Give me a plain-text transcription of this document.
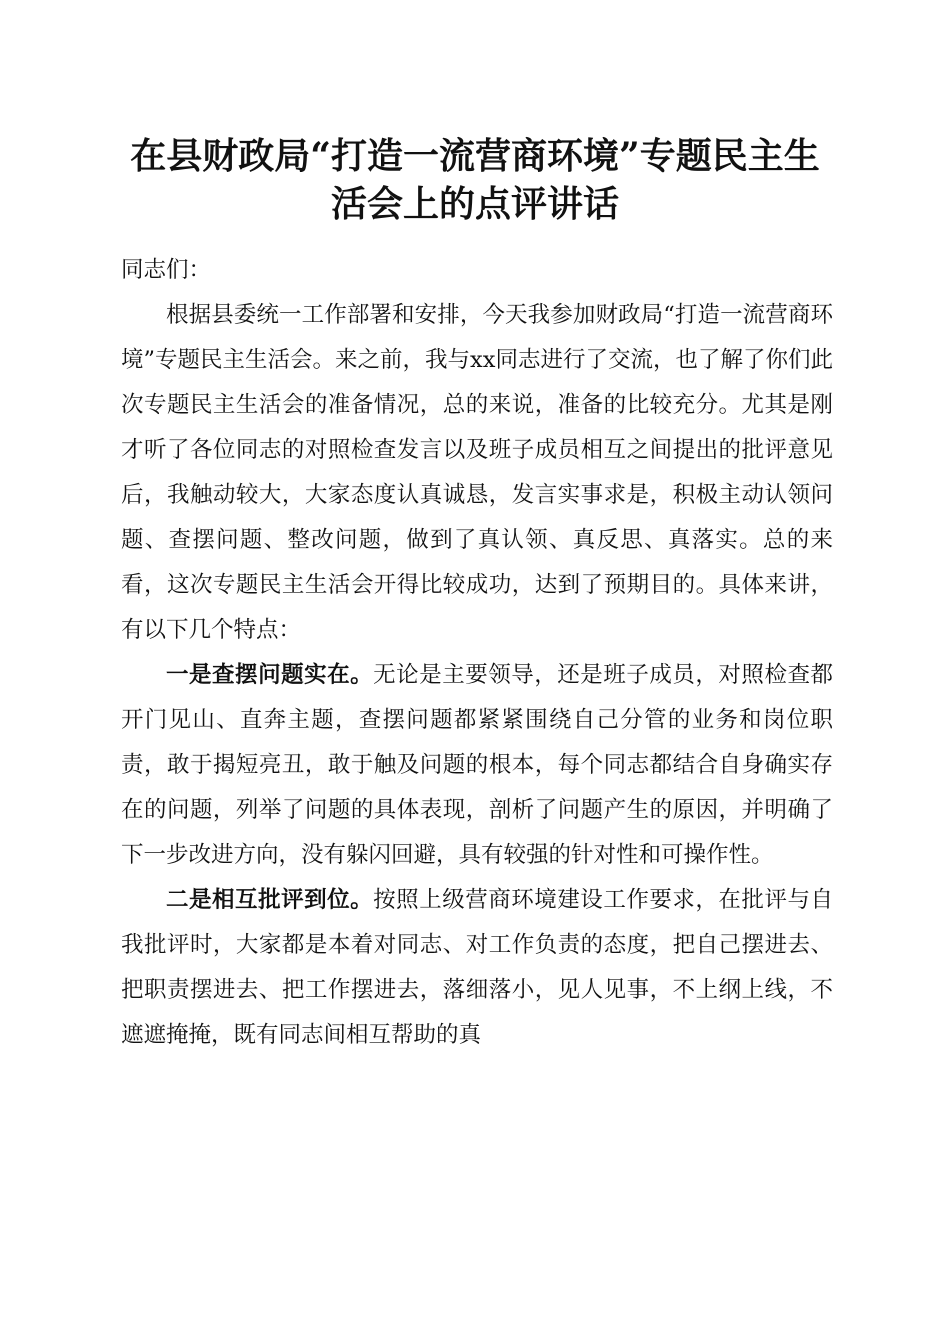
在县财政局“打造一流营商环境”专题民主生
活会上的点评讲话

同志们：

根据县委统一工作部署和安排，今天我参加财政局“打造一流营商环境”专题民主生活会。来之前，我与xx同志进行了交流，也了解了你们此次专题民主生活会的准备情况，总的来说，准备的比较充分。尤其是刚才听了各位同志的对照检查发言以及班子成员相互之间提出的批评意见后，我触动较大，大家态度认真诚恳，发言实事求是，积极主动认领问题、查摆问题、整改问题，做到了真认领、真反思、真落实。总的来看，这次专题民主生活会开得比较成功，达到了预期目的。具体来讲，有以下几个特点：

一是查摆问题实在。无论是主要领导，还是班子成员，对照检查都开门见山、直奔主题，查摆问题都紧紧围绕自己分管的业务和岗位职责，敢于揭短亮丑，敢于触及问题的根本，每个同志都结合自身确实存在的问题，列举了问题的具体表现，剖析了问题产生的原因，并明确了下一步改进方向，没有躲闪回避，具有较强的针对性和可操作性。

二是相互批评到位。按照上级营商环境建设工作要求，在批评与自我批评时，大家都是本着对同志、对工作负责的态度，把自己摆进去、把职责摆进去、把工作摆进去，落细落小，见人见事，不上纲上线，不遮遮掩掩，既有同志间相互帮助的真
